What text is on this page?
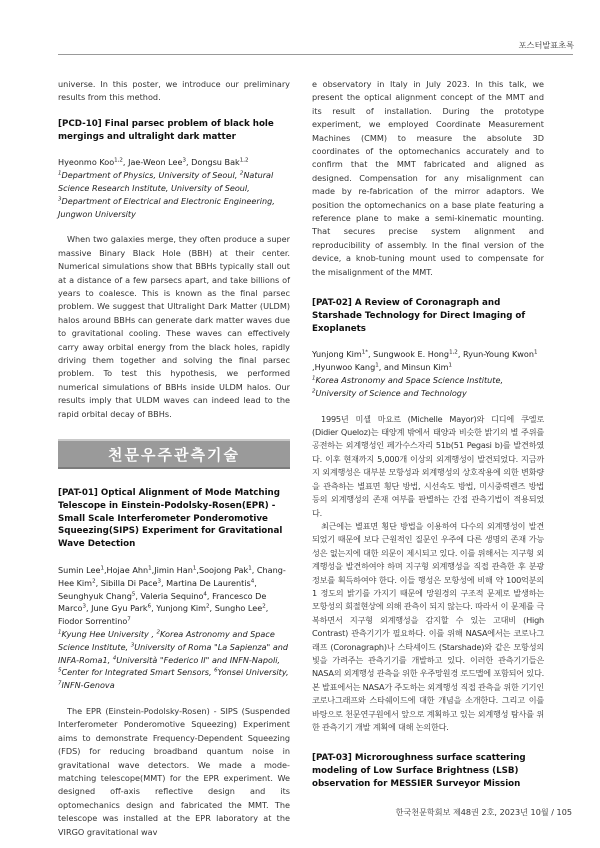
포스터발표초록

universe. In this poster, we introduce our preliminary results from this method.

[PCD-10] Final parsec problem of black hole mergings and ultralight dark matter

Hyeonmo Koo$^{1,2}$, Jae-Weon Lee$^3$, Dongsu Bak$^{1,2}$

$^1$Department of Physics, University of Seoul, $^2$Natural Science Research Institute, University of Seoul,
$^3$Department of Electrical and Electronic Engineering, Jungwon University

When two galaxies merge, they often produce a super massive Binary Black Hole (BBH) at their center. Numerical simulations show that BBHs typically stall out at a distance of a few parsecs apart, and take billions of years to coalesce. This is known as the final parsec problem. We suggest that Ultralight Dark Matter (ULDM) halos around BBHs can generate dark matter waves due to gravitational cooling. These waves can effectively carry away orbital energy from the black holes, rapidly driving them together and solving the final parsec problem. To test this hypothesis, we performed numerical simulations of BBHs inside ULDM halos. Our results imply that ULDM waves can indeed lead to the rapid orbital decay of BBHs.

천문우주관측기술
[PAT-01] Optical Alignment of Mode Matching Telescope in Einstein-Podolsky-Rosen(EPR) - Small Scale Interferometer Ponderomotive Squeezing(SIPS) Experiment for Gravitational Wave Detection

Sumin Lee$^1$,Hojae Ahn$^1$,Jimin Han$^1$,Soojong Pak$^1$, Chang-Hee Kim$^2$, Sibilla Di Pace$^3$, Martina De Laurentis$^4$, Seunghyuk Chang$^5$, Valeria Sequino$^4$, Francesco De Marco$^3$, June Gyu Park$^6$, Yunjong Kim$^2$, Sungho Lee$^2$, Fiodor Sorrentino$^7$

$^1$Kyung Hee University , $^2$Korea Astronomy and Space Science Institute, $^3$University of Roma "La Sapienza" and INFA-Roma1, $^4$Università "Federico II" and INFN-Napoli, $^5$Center for Integrated Smart Sensors, $^6$Yonsei University,
$^7$INFN-Genova

The EPR (Einstein-Podolsky-Rosen) - SIPS (Suspended Interferometer Ponderomotive Squeezing) Experiment aims to demonstrate Frequency-Dependent Squeezing (FDS) for reducing broadband quantum noise in gravitational wave detectors. We made a mode-matching telescope(MMT) for the EPR experiment. We designed off-axis reflective design and its optomechanics design and fabricated the MMT. The telescope was installed at the EPR laboratory at the VIRGO gravitational wav

e observatory in Italy in July 2023. In this talk, we present the optical alignment concept of the MMT and its result of installation. During the prototype experiment, we employed Coordinate Measurement Machines (CMM) to measure the absolute 3D coordinates of the optomechanics accurately and to confirm that the MMT fabricated and aligned as designed. Compensation for any misalignment can made by re-fabrication of the mirror adaptors. We position the optomechanics on a base plate featuring a reference plane to make a semi-kinematic mounting. That secures precise system alignment and reproducibility of assembly. In the final version of the device, a knob-tuning mount used to compensate for the misalignment of the MMT.

[PAT-02] A Review of Coronagraph and Starshade Technology for Direct Imaging of Exoplanets

Yunjong Kim$^{1*}$, Sungwook E. Hong$^{1,2}$, Ryun-Young Kwon$^1$ ,Hyunwoo Kang$^1$, and Minsun Kim$^1$

$^1$Korea Astronomy and Space Science Institute,
$^2$University of Science and Technology

1995년 미셸 마요르 (Michelle Mayor)와 디디에 쿠엘로 (Didier Queloz)는 태양계 밖에서 태양과 비슷한 밝기의 별 주위를 공전하는 외계행성인 페가수스자리 51b(51 Pegasi b)를 발견하였다. 이후 현재까지 5,000개 이상의 외계행성이 발견되었다. 지금까지 외계행성은 대부분 모항성과 외계행성의 상호작용에 의한 변화량을 관측하는 별표면 횡단 방법, 시선속도 방법, 미시중력렌즈 방법 등의 외계행성의 존재 여부를 판별하는 간접 관측기법이 적용되었다.

최근에는 별표면 횡단 방법을 이용하여 다수의 외계행성이 발견되었기 때문에 보다 근원적인 질문인 우주에 다른 생명의 존재 가능성은 없는지에 대한 의문이 제시되고 있다. 이를 위해서는 지구형 외계행성을 발견하여야 하며 지구형 외계행성을 직접 관측한 후 분광 정보를 획득하여야 한다. 이들 행성은 모항성에 비해 약 100억분의 1 정도의 밝기를 가지기 때문에 망원경의 구조적 문제로 발생하는 모항성의 회절현상에 의해 관측이 되지 않는다. 따라서 이 문제를 극복하면서 지구형 외계행성을 감지할 수 있는 고대비 (High Contrast) 관측기기가 필요하다. 이를 위해 NASA에서는 코로나그래프 (Coronagraph)나 스타셰이드 (Starshade)와 같은 모항성의 빛을 가려주는 관측기기를 개발하고 있다. 이러한 관측기기들은 NASA의 외계행성 관측을 위한 우주망원경 로드맵에 포함되어 있다. 본 발표에서는 NASA가 주도하는 외계행성 직접 관측을 위한 기기인 코로나그래프와 스타쉐이드에 대한 개념을 소개한다. 그리고 이를 바탕으로 천문연구원에서 앞으로 계획하고 있는 외계행성 탐사를 위한 관측기기 개발 계획에 대해 논의한다.

[PAT-03] Microroughness surface scattering modeling of Low Surface Brightness (LSB) observation for MESSIER Surveyor Mission
한국천문학회보 제48권 2호, 2023년 10월 / 105
